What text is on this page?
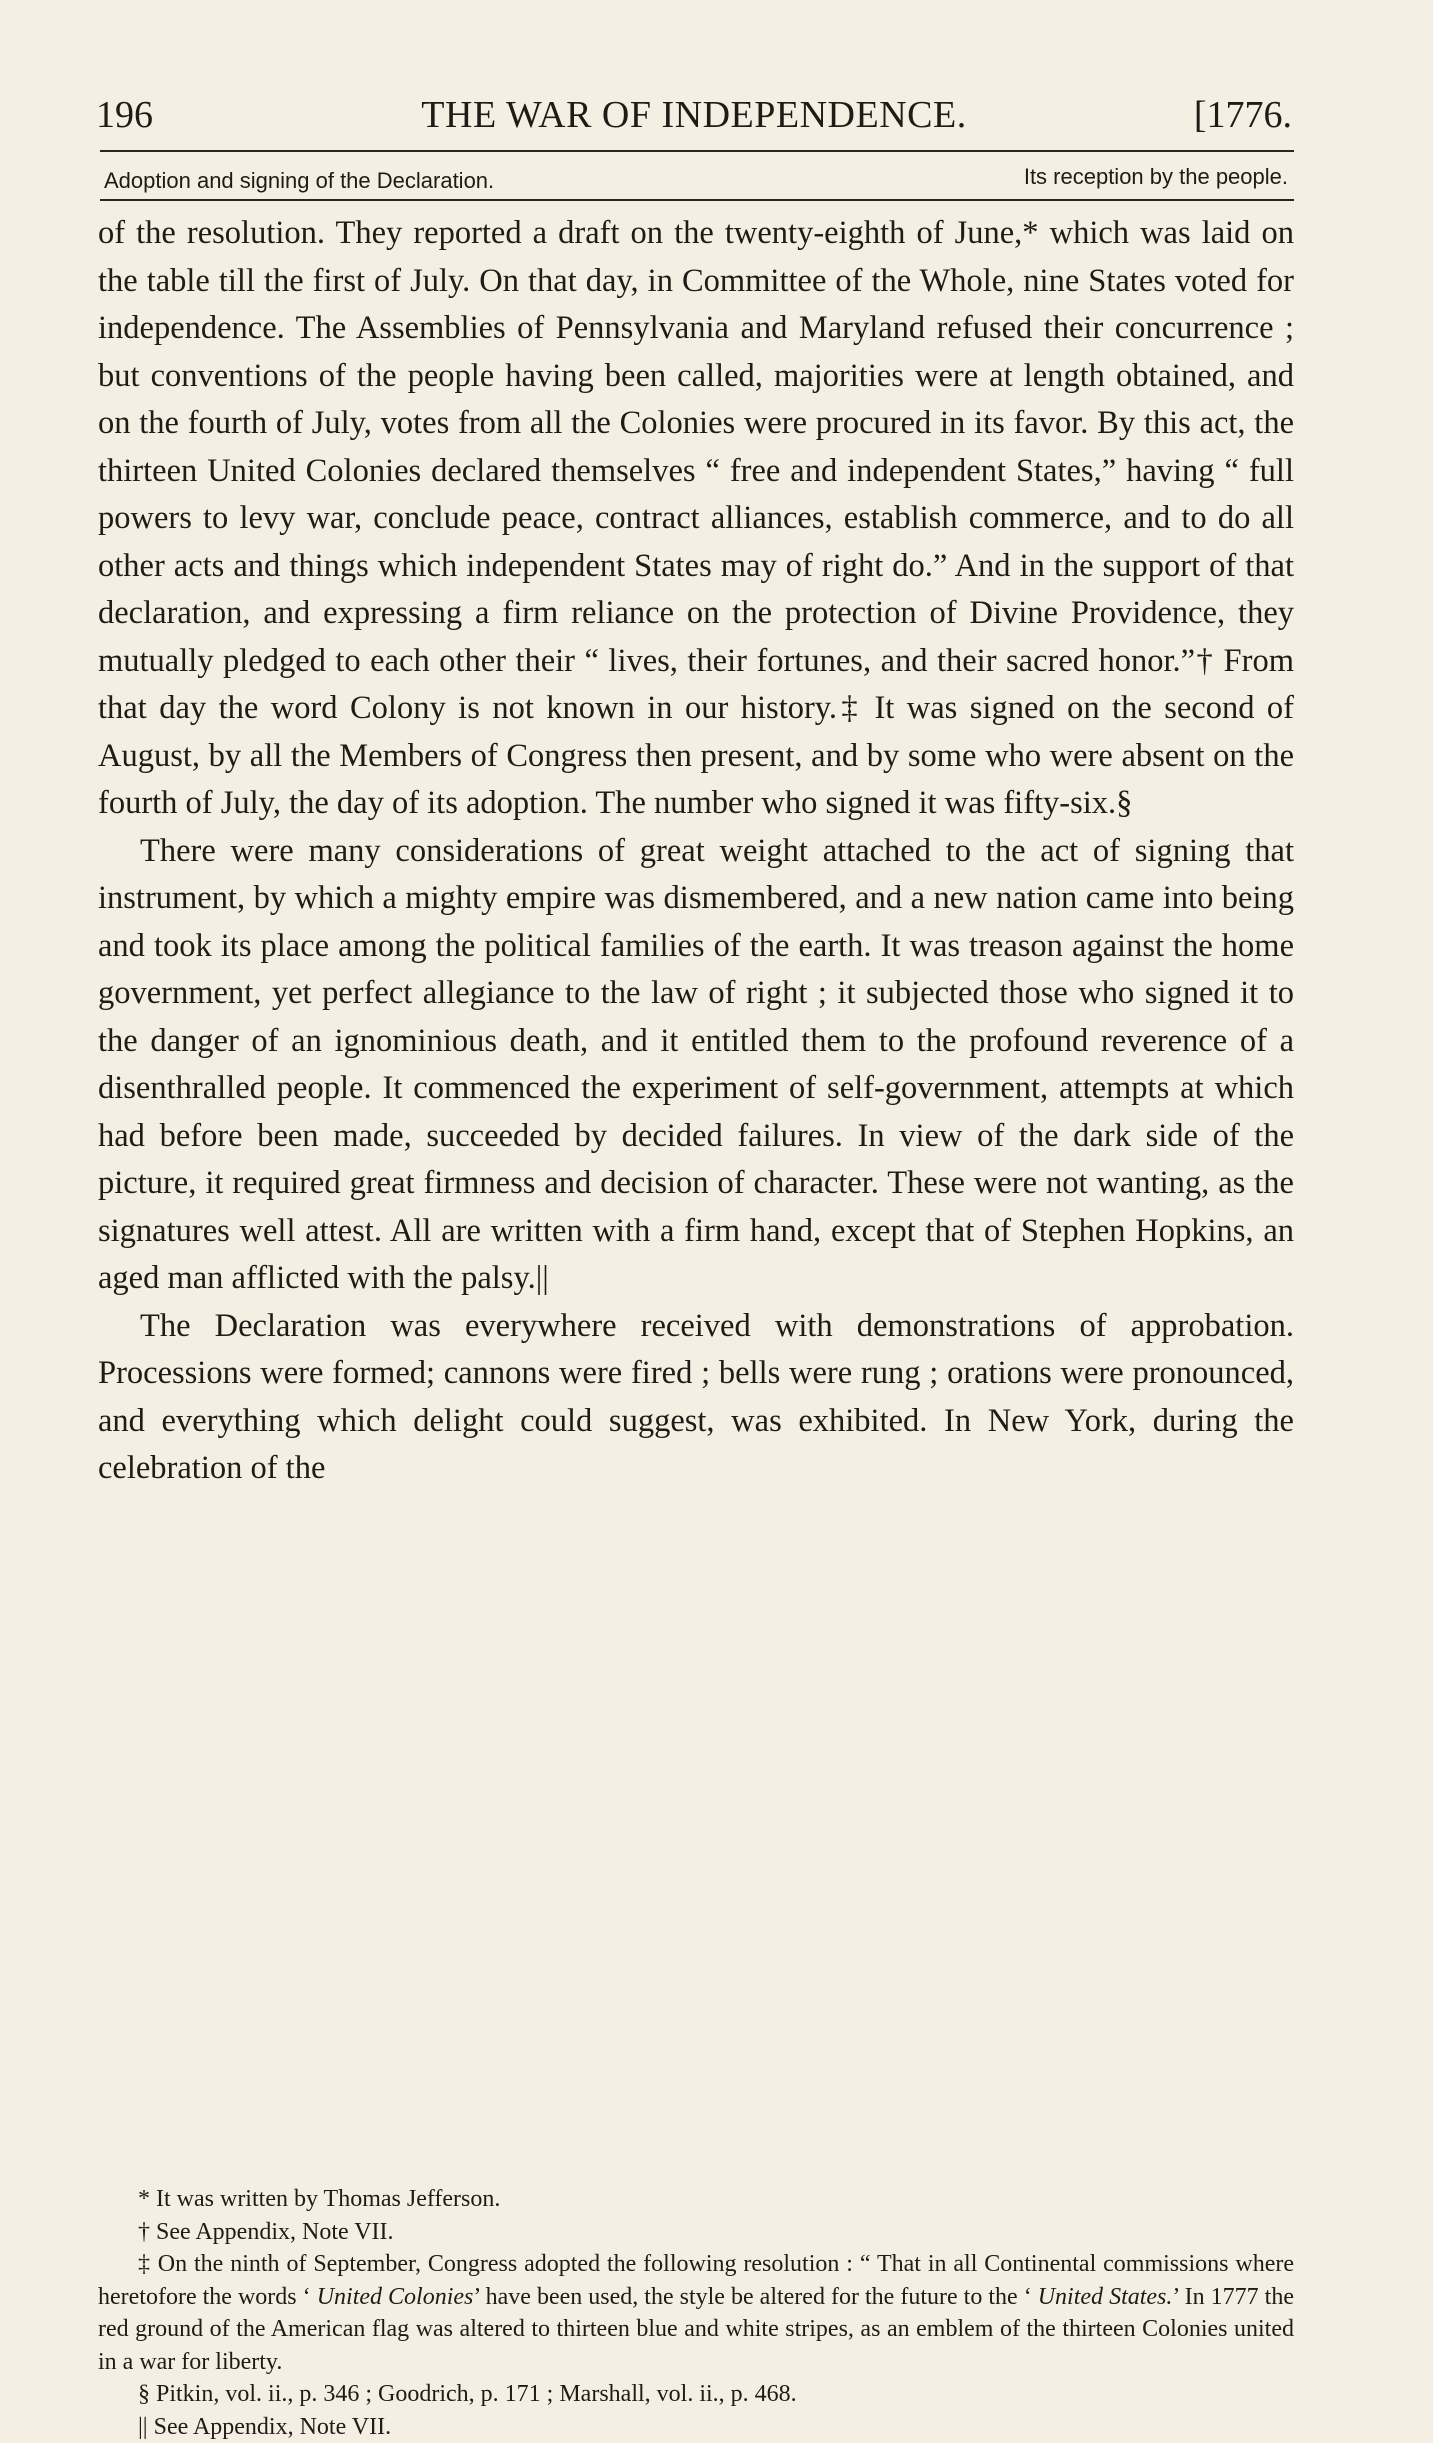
196	THE WAR OF INDEPENDENCE.	[1776.
Adoption and signing of the Declaration.	Its reception by the people.

of the resolution. They reported a draft on the twenty-eighth of June,* which was laid on the table till the first of July. On that day, in Committee of the Whole, nine States voted for independence. The Assemblies of Pennsylvania and Maryland refused their concurrence ; but conventions of the people having been called, majorities were at length obtained, and on the fourth of July, votes from all the Colonies were procured in its favor. By this act, the thirteen United Colonies declared themselves “ free and independent States,” having “ full powers to levy war, conclude peace, contract alliances, establish commerce, and to do all other acts and things which independent States may of right do.” And in the support of that declaration, and expressing a firm reliance on the protection of Divine Providence, they mutually pledged to each other their “ lives, their fortunes, and their sacred honor.”† From that day the word Colony is not known in our history.‡ It was signed on the second of August, by all the Members of Congress then present, and by some who were absent on the fourth of July, the day of its adoption. The number who signed it was fifty-six.§

There were many considerations of great weight attached to the act of signing that instrument, by which a mighty empire was dismembered, and a new nation came into being and took its place among the political families of the earth. It was treason against the home government, yet perfect allegiance to the law of right ; it subjected those who signed it to the danger of an ignominious death, and it entitled them to the profound reverence of a disenthralled people. It commenced the experiment of self-government, attempts at which had before been made, succeeded by decided failures. In view of the dark side of the picture, it required great firmness and decision of character. These were not wanting, as the signatures well attest. All are written with a firm hand, except that of Stephen Hopkins, an aged man afflicted with the palsy.||

The Declaration was everywhere received with demonstrations of approbation. Processions were formed; cannons were fired ; bells were rung ; orations were pronounced, and everything which delight could suggest, was exhibited. In New York, during the celebration of the

* It was written by Thomas Jefferson.

† See Appendix, Note VII.

‡ On the ninth of September, Congress adopted the following resolution : “ That in all Continental commissions where heretofore the words ‘ United Colonies’ have been used, the style be altered for the future to the ‘ United States.’ In 1777 the red ground of the American flag was altered to thirteen blue and white stripes, as an emblem of the thirteen Colonies united in a war for liberty.

§ Pitkin, vol. ii., p. 346 ; Goodrich, p. 171 ; Marshall, vol. ii., p. 468.

|| See Appendix, Note VII.
